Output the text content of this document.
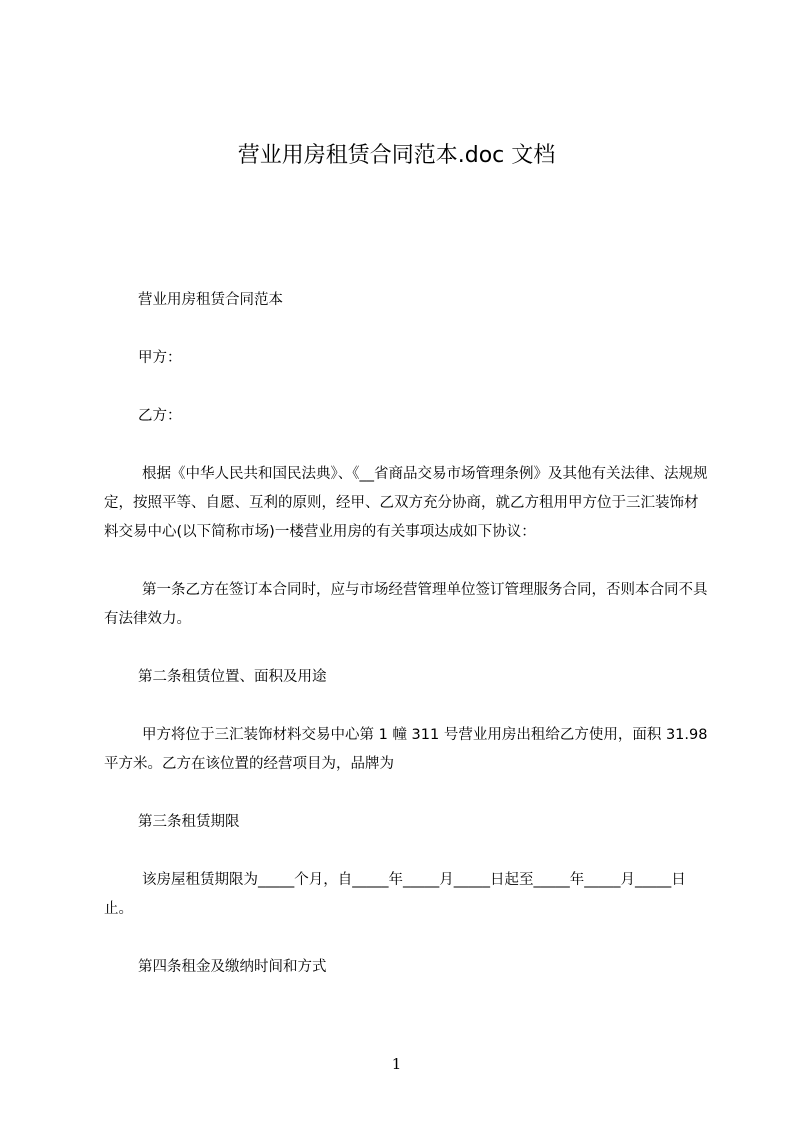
营业用房租赁合同范本.doc 文档

营业用房租赁合同范本

甲方：

乙方：

根据《中华人民共和国民法典》、《__省商品交易市场管理条例》及其他有关法律、法规规定，按照平等、自愿、互利的原则，经甲、乙双方充分协商，就乙方租用甲方位于三汇装饰材料交易中心(以下简称市场)一楼营业用房的有关事项达成如下协议：

第一条乙方在签订本合同时，应与市场经营管理单位签订管理服务合同，否则本合同不具有法律效力。

第二条租赁位置、面积及用途

甲方将位于三汇装饰材料交易中心第 1 幢 311 号营业用房出租给乙方使用，面积 31.98 平方米。乙方在该位置的经营项目为，品牌为

第三条租赁期限

该房屋租赁期限为_____个月，自_____年_____月_____日起至_____年_____月_____日止。

第四条租金及缴纳时间和方式

1
